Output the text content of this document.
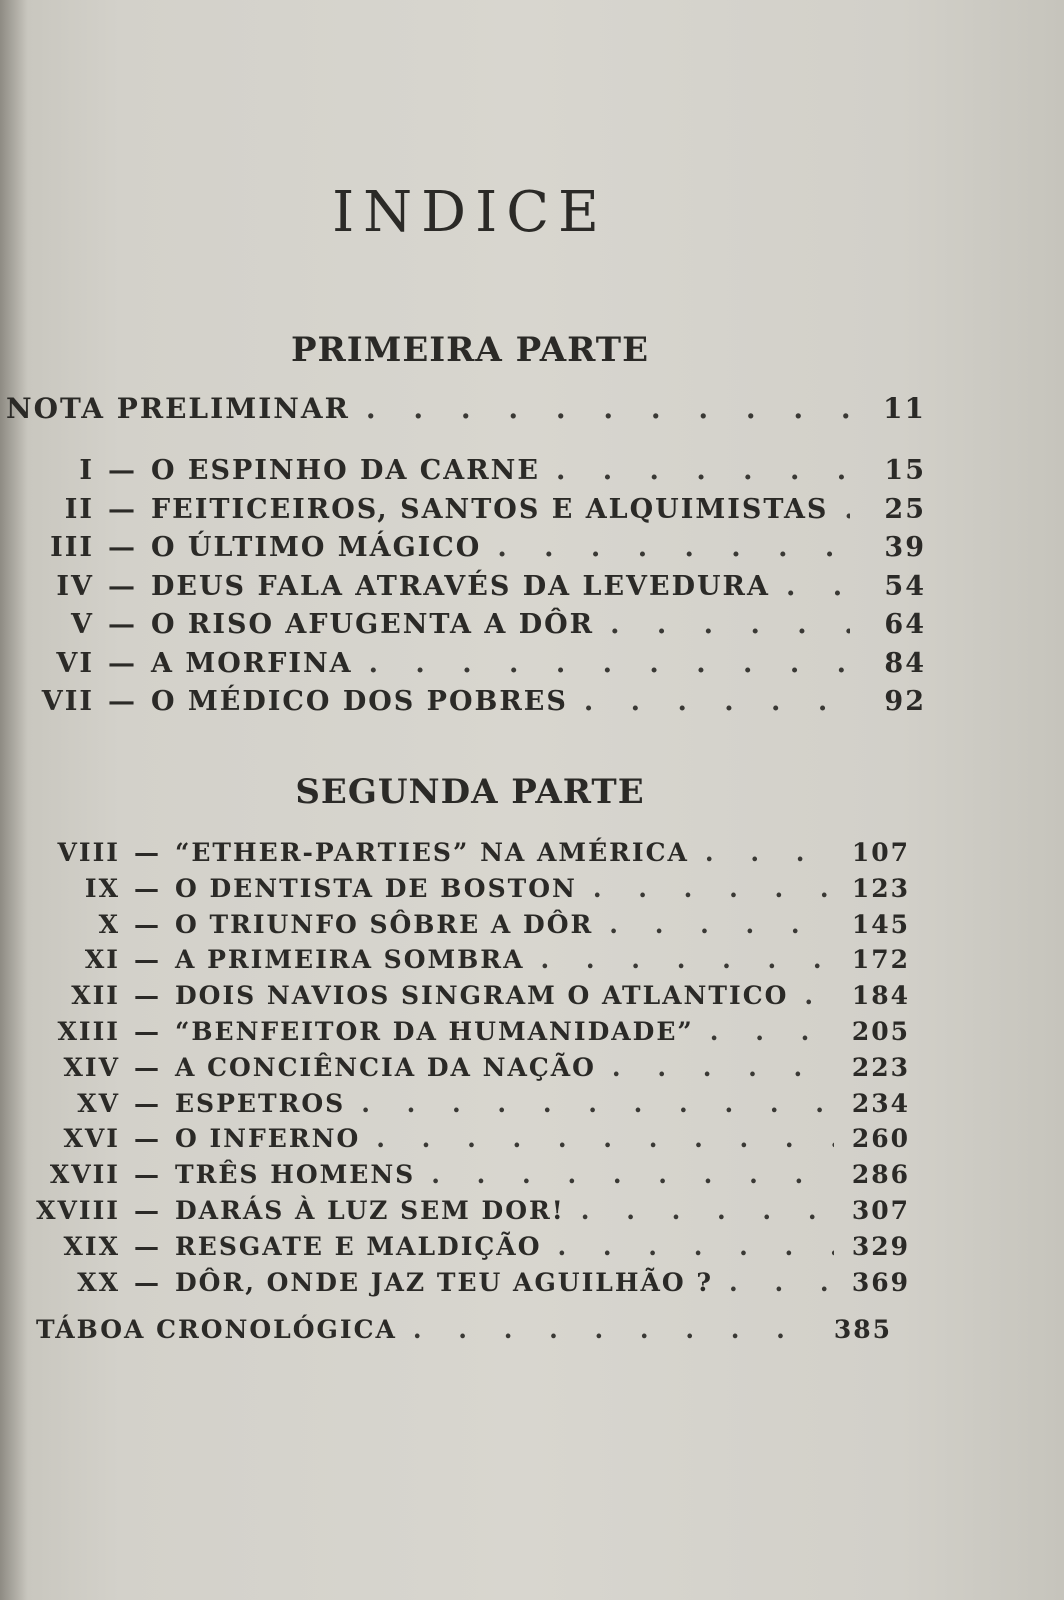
INDICE
PRIMEIRA PARTE
NOTA PRELIMINAR . . .	11
I — O ESPINHO DA CARNE . . .	15
II — FEITICEIROS, SANTOS E ALQUIMISTAS . . .	25
III — O ÚLTIMO MÁGICO . . .	39
IV — DEUS FALA ATRAVÉS DA LEVEDURA . . .	54
V — O RISO AFUGENTA A DÔR . . .	64
VI — A MORFINA . . .	84
VII — O MÉDICO DOS POBRES . . .	92
SEGUNDA PARTE
VIII — “ETHER-PARTIES” NA AMÉRICA . . .	107
IX — O DENTISTA DE BOSTON . . .	123
X — O TRIUNFO SÔBRE A DÔR . . .	145
XI — A PRIMEIRA SOMBRA . . .	172
XII — DOIS NAVIOS SINGRAM O ATLANTICO . . .	184
XIII — “BENFEITOR DA HUMANIDADE” . . .	205
XIV — A CONCIÊNCIA DA NAÇÃO . . .	223
XV — ESPETROS . . .	234
XVI — O INFERNO . . .	260
XVII — TRÊS HOMENS . . .	286
XVIII — DARÁS À LUZ SEM DOR! . . .	307
XIX — RESGATE E MALDIÇÃO . . .	329
XX — DÔR, ONDE JAZ TEU AGUILHÃO ? . . .	369
TÁBOA CRONOLÓGICA . . .	385
